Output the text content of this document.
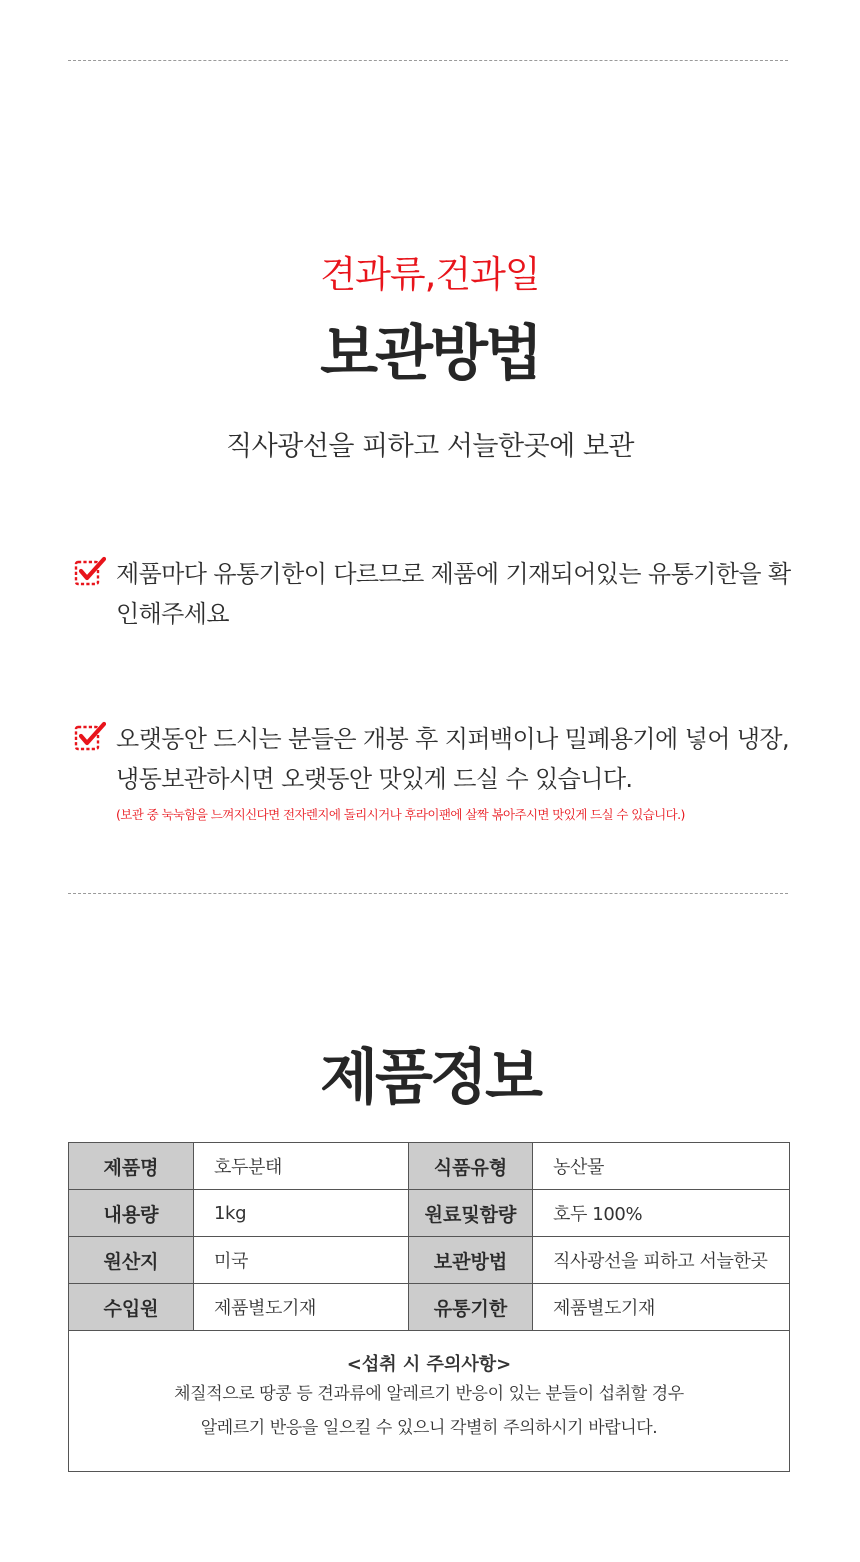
견과류,건과일
보관방법

직사광선을 피하고 서늘한곳에 보관

제품마다 유통기한이 다르므로 제품에 기재되어있는 유통기한을 확인해주세요

오랫동안 드시는 분들은 개봉 후 지퍼백이나 밀폐용기에 넣어 냉장, 냉동보관하시면 오랫동안 맛있게 드실 수 있습니다.

(보관 중 눅눅함을 느껴지신다면 전자렌지에 돌리시거나 후라이팬에 살짝 볶아주시면 맛있게 드실 수 있습니다.)

제품정보
제품명	호두분태	식품유형	농산물
내용량	1kg	원료및함량	호두 100%
원산지	미국	보관방법	직사광선을 피하고 서늘한곳
수입원	제품별도기재	유통기한	제품별도기재

<섭취 시 주의사항>
체질적으로 땅콩 등 견과류에 알레르기 반응이 있는 분들이 섭취할 경우
알레르기 반응을 일으킬 수 있으니 각별히 주의하시기 바랍니다.			
